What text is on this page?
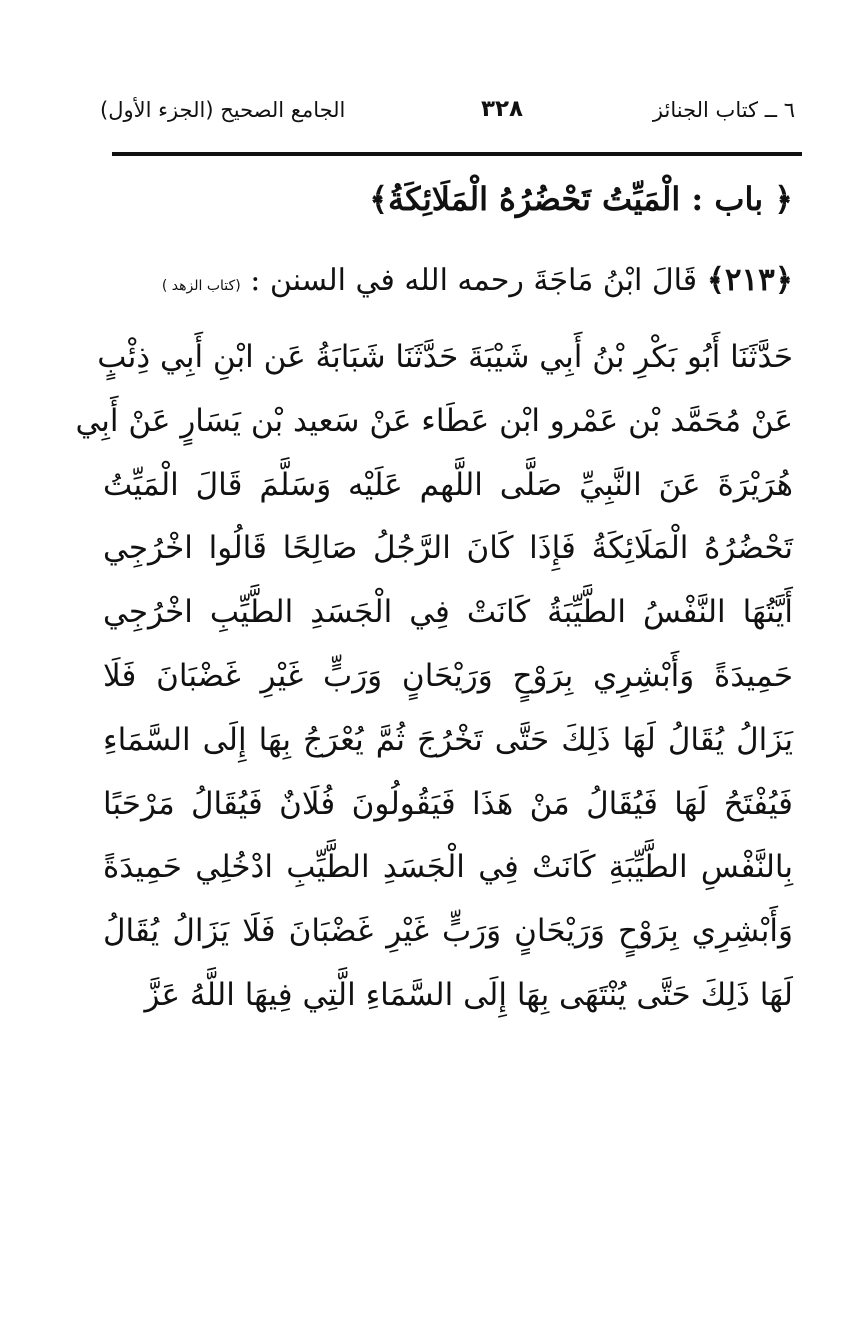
٦ ــ كتاب الجنائز
٣٢٨
الجامع الصحيح (الجزء الأول)
﴿ باب : الْمَيِّتُ تَحْضُرُهُ الْمَلَائِكَةُ﴾
﴿٢١٣﴾ قَالَ ابْنُ مَاجَةَ رحمه الله في السنن : (كتاب الزهد )
حَدَّثَنَا أَبُو بَكْرِ بْنُ أَبِي شَيْبَةَ حَدَّثَنَا شَبَابَةُ عَن ابْنِ أَبِي ذِئْبٍ
عَنْ مُحَمَّد بْن عَمْرو ابْن عَطَاء عَنْ سَعيد بْن يَسَارٍ عَنْ أَبِي
هُرَيْرَةَ عَنَ النَّبِيِّ صَلَّى اللَّهم عَلَيْه وَسَلَّمَ قَالَ الْمَيِّتُ
تَحْضُرُهُ الْمَلَائِكَةُ فَإِذَا كَانَ الرَّجُلُ صَالِحًا قَالُوا اخْرُجِي
أَيَّتُهَا النَّفْسُ الطَّيِّبَةُ كَانَتْ فِي الْجَسَدِ الطَّيِّبِ اخْرُجِي
حَمِيدَةً وَأَبْشِرِي بِرَوْحٍ وَرَيْحَانٍ وَرَبٍّ غَيْرِ غَضْبَانَ فَلَا
يَزَالُ يُقَالُ لَهَا ذَلِكَ حَتَّى تَخْرُجَ ثُمَّ يُعْرَجُ بِهَا إِلَى السَّمَاءِ
فَيُفْتَحُ لَهَا فَيُقَالُ مَنْ هَذَا فَيَقُولُونَ فُلَانٌ فَيُقَالُ مَرْحَبًا
بِالنَّفْسِ الطَّيِّبَةِ كَانَتْ فِي الْجَسَدِ الطَّيِّبِ ادْخُلِي حَمِيدَةً
وَأَبْشِرِي بِرَوْحٍ وَرَيْحَانٍ وَرَبٍّ غَيْرِ غَضْبَانَ فَلَا يَزَالُ يُقَالُ
لَهَا ذَلِكَ حَتَّى يُنْتَهَى بِهَا إِلَى السَّمَاءِ الَّتِي فِيهَا اللَّهُ عَزَّ
